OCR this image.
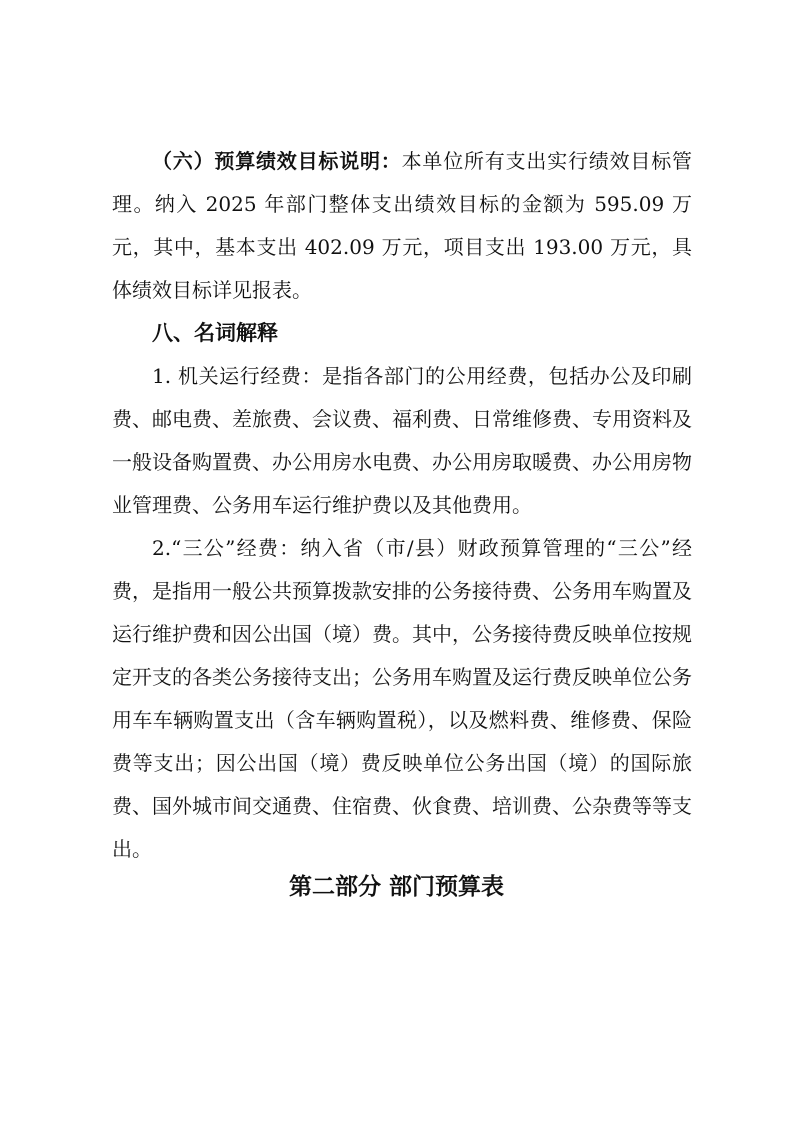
（六）预算绩效目标说明：本单位所有支出实行绩效目标管理。纳入 2025 年部门整体支出绩效目标的金额为 595.09 万元，其中，基本支出 402.09 万元，项目支出 193.00 万元，具体绩效目标详见报表。

八、名词解释

1. 机关运行经费：是指各部门的公用经费，包括办公及印刷费、邮电费、差旅费、会议费、福利费、日常维修费、专用资料及一般设备购置费、办公用房水电费、办公用房取暖费、办公用房物业管理费、公务用车运行维护费以及其他费用。

2.“三公”经费：纳入省（市/县）财政预算管理的“三公”经费，是指用一般公共预算拨款安排的公务接待费、公务用车购置及运行维护费和因公出国（境）费。其中，公务接待费反映单位按规定开支的各类公务接待支出；公务用车购置及运行费反映单位公务用车车辆购置支出（含车辆购置税），以及燃料费、维修费、保险费等支出；因公出国（境）费反映单位公务出国（境）的国际旅费、国外城市间交通费、住宿费、伙食费、培训费、公杂费等等支出。

第二部分 部门预算表
